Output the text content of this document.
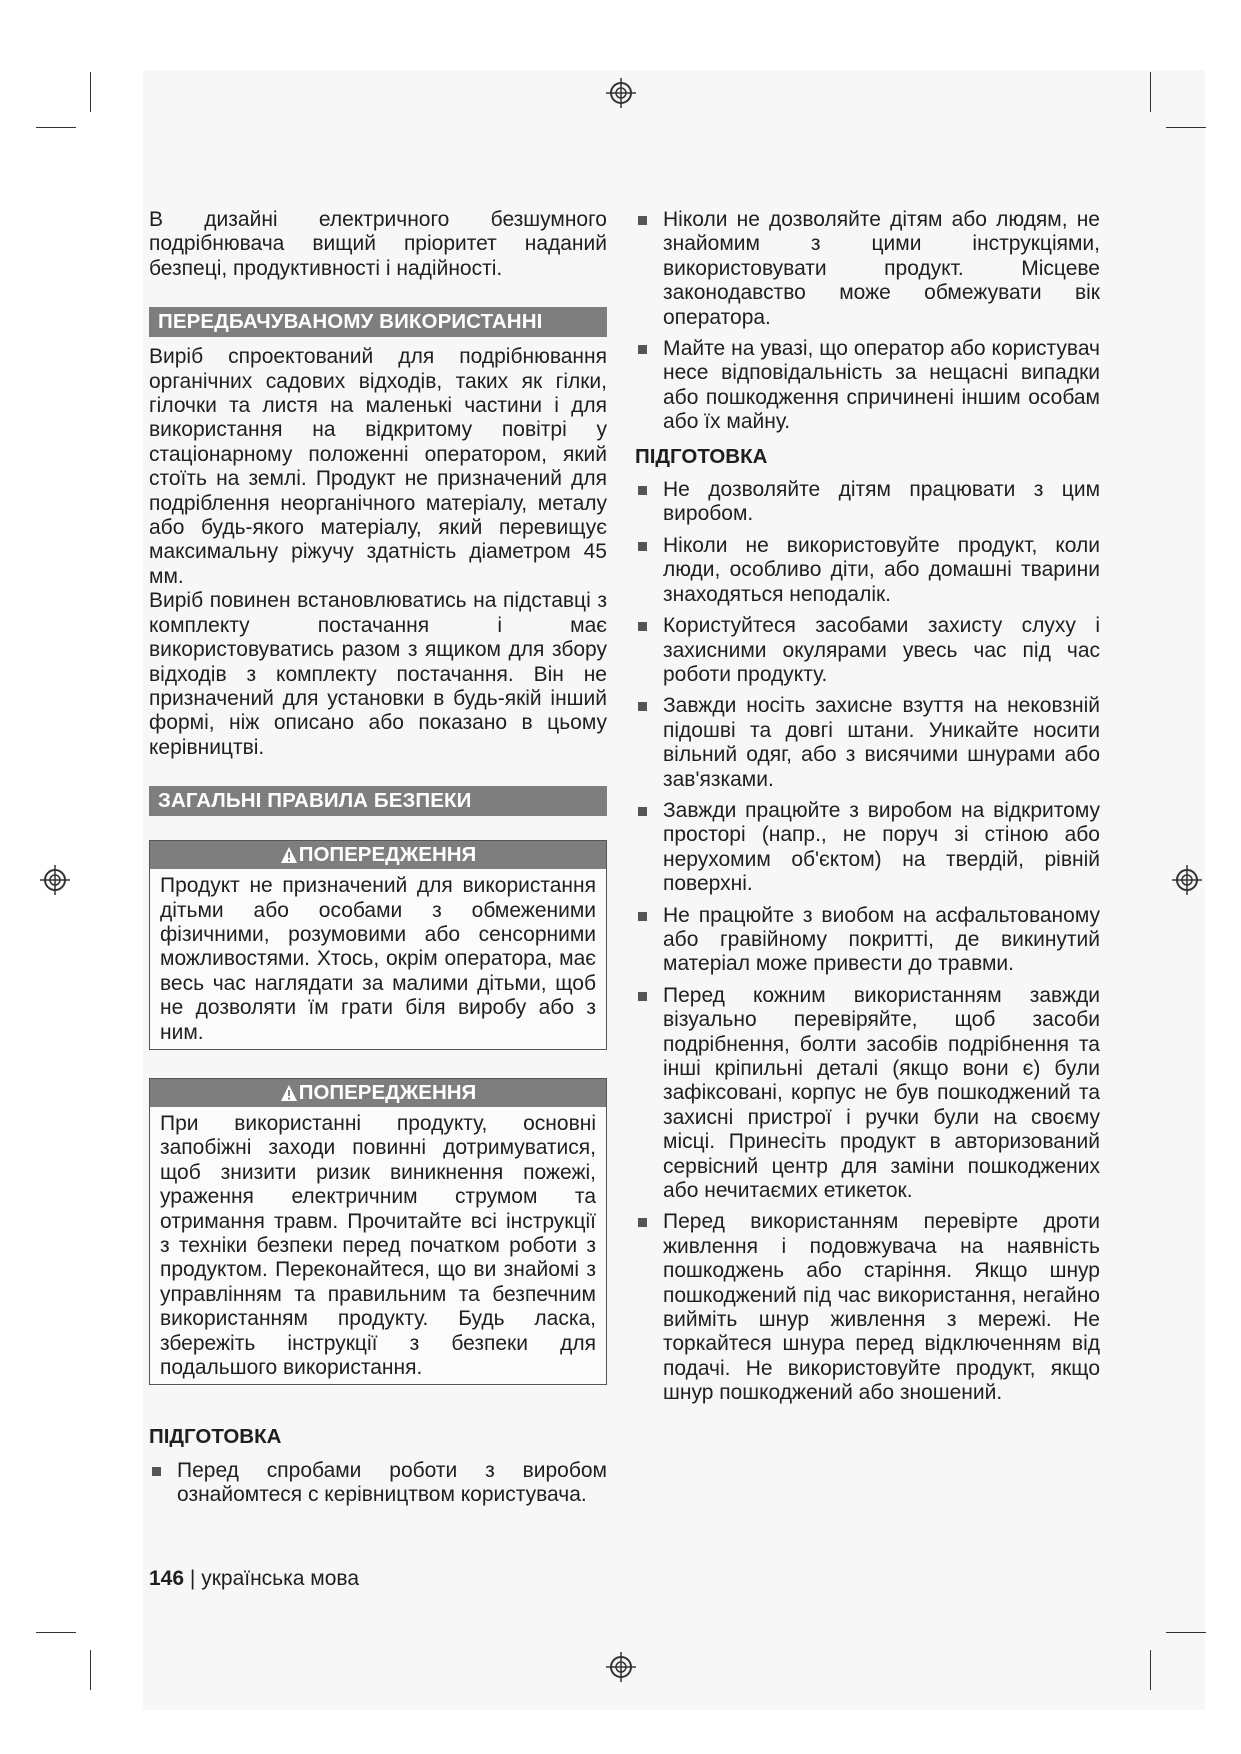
В дизайні електричного безшумного подрібнювача вищий пріоритет наданий безпеці, продуктивності і надійності.

ПЕРЕДБАЧУВАНОМУ ВИКОРИСТАННІ

Виріб спроектований для подрібнювання органічних садових відходів, таких як гілки, гілочки та листя на маленькі частини і для використання на відкритому повітрі у стаціонарному положенні оператором, який стоїть на землі. Продукт не призначений для подріблення неорганічного матеріалу, металу або будь-якого матеріалу, який перевищує максимальну ріжучу здатність діаметром 45 мм.

Виріб повинен встановлюватись на підставці з комплекту постачання і має використовуватись разом з ящиком для збору відходів з комплекту постачання. Він не призначений для установки в будь-якій інший формі, ніж описано або показано в цьому керівництві.

ЗАГАЛЬНІ ПРАВИЛА БЕЗПЕКИ
ПОПЕРЕДЖЕННЯ

Продукт не призначений для використання дітьми або особами з обмеженими фізичними, розумовими або сенсорними можливостями. Хтось, окрім оператора, має весь час наглядати за малими дітьми, щоб не дозволяти їм грати біля виробу або з ним.

ПОПЕРЕДЖЕННЯ

При використанні продукту, основні запобіжні заходи повинні дотримуватися, щоб знизити ризик виникнення пожежі, ураження електричним струмом та отримання травм. Прочитайте всі інструкції з техніки безпеки перед початком роботи з продуктом. Переконайтеся, що ви знайомі з управлінням та правильним та безпечним використанням продукту. Будь ласка, збережіть інструкції з безпеки для подальшого використання.

ПІДГОТОВКА

Перед спробами роботи з виробом ознайомтеся с керівництвом користувача.

Ніколи не дозволяйте дітям або людям, не знайомим з цими інструкціями, використовувати продукт. Місцеве законодавство може обмежувати вік оператора.

Майте на увазі, що оператор або користувач несе відповідальність за нещасні випадки або пошкодження спричинені іншим особам або їх майну.

ПІДГОТОВКА

Не дозволяйте дітям працювати з цим виробом.

Ніколи не використовуйте продукт, коли люди, особливо діти, або домашні тварини знаходяться неподалік.

Користуйтеся засобами захисту слуху і захисними окулярами увесь час під час роботи продукту.

Завжди носіть захисне взуття на нековзній підошві та довгі штани. Уникайте носити вільний одяг, або з висячими шнурами або зав'язками.

Завжди працюйте з виробом на відкритому просторі (напр., не поруч зі стіною або нерухомим об'єктом) на твердій, рівній поверхні.

Не працюйте з виобом на асфальтованому або гравійному покритті, де викинутий матеріал може привести до травми.

Перед кожним використанням завжди візуально перевіряйте, щоб засоби подрібнення, болти засобів подрібнення та інші кріпильні деталі (якщо вони є) були зафіксовані, корпус не був пошкоджений та захисні пристрої і ручки були на своєму місці. Принесіть продукт в авторизований сервісний центр для заміни пошкоджених або нечитаємих етикеток.

Перед використанням перевірте дроти живлення і подовжувача на наявність пошкоджень або старіння. Якщо шнур пошкоджений під час використання, негайно вийміть шнур живлення з мережі. Не торкайтеся шнура перед відключенням від подачі. Не використовуйте продукт, якщо шнур пошкоджений або зношений.

146 | українська мова
